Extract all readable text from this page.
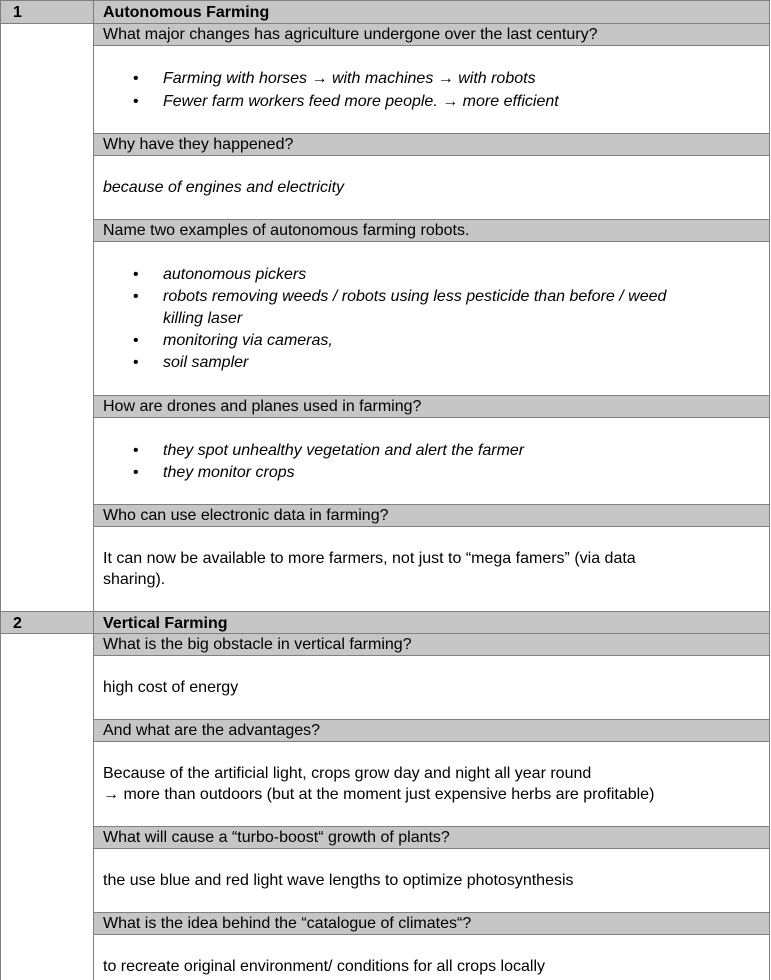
1	Autonomous Farming
What major changes has agriculture undergone over the last century?
• Farming with horses → with machines → with robots
• Fewer farm workers feed more people. → more efficient
Why have they happened?
because of engines and electricity
Name two examples of autonomous farming robots.
• autonomous pickers
• robots removing weeds / robots using less pesticide than before / weed
killing laser
• monitoring via cameras,
• soil sampler
How are drones and planes used in farming?
• they spot unhealthy vegetation and alert the farmer
• they monitor crops
Who can use electronic data in farming?
It can now be available to more farmers, not just to “mega famers” (via data
sharing).
2	Vertical Farming
What is the big obstacle in vertical farming?
high cost of energy
And what are the advantages?
Because of the artificial light, crops grow day and night all year round
→ more than outdoors (but at the moment just expensive herbs are profitable)
What will cause a “turbo-boost“ growth of plants?
the use blue and red light wave lengths to optimize photosynthesis
What is the idea behind the “catalogue of climates“?
to recreate original environment/ conditions for all crops locally
